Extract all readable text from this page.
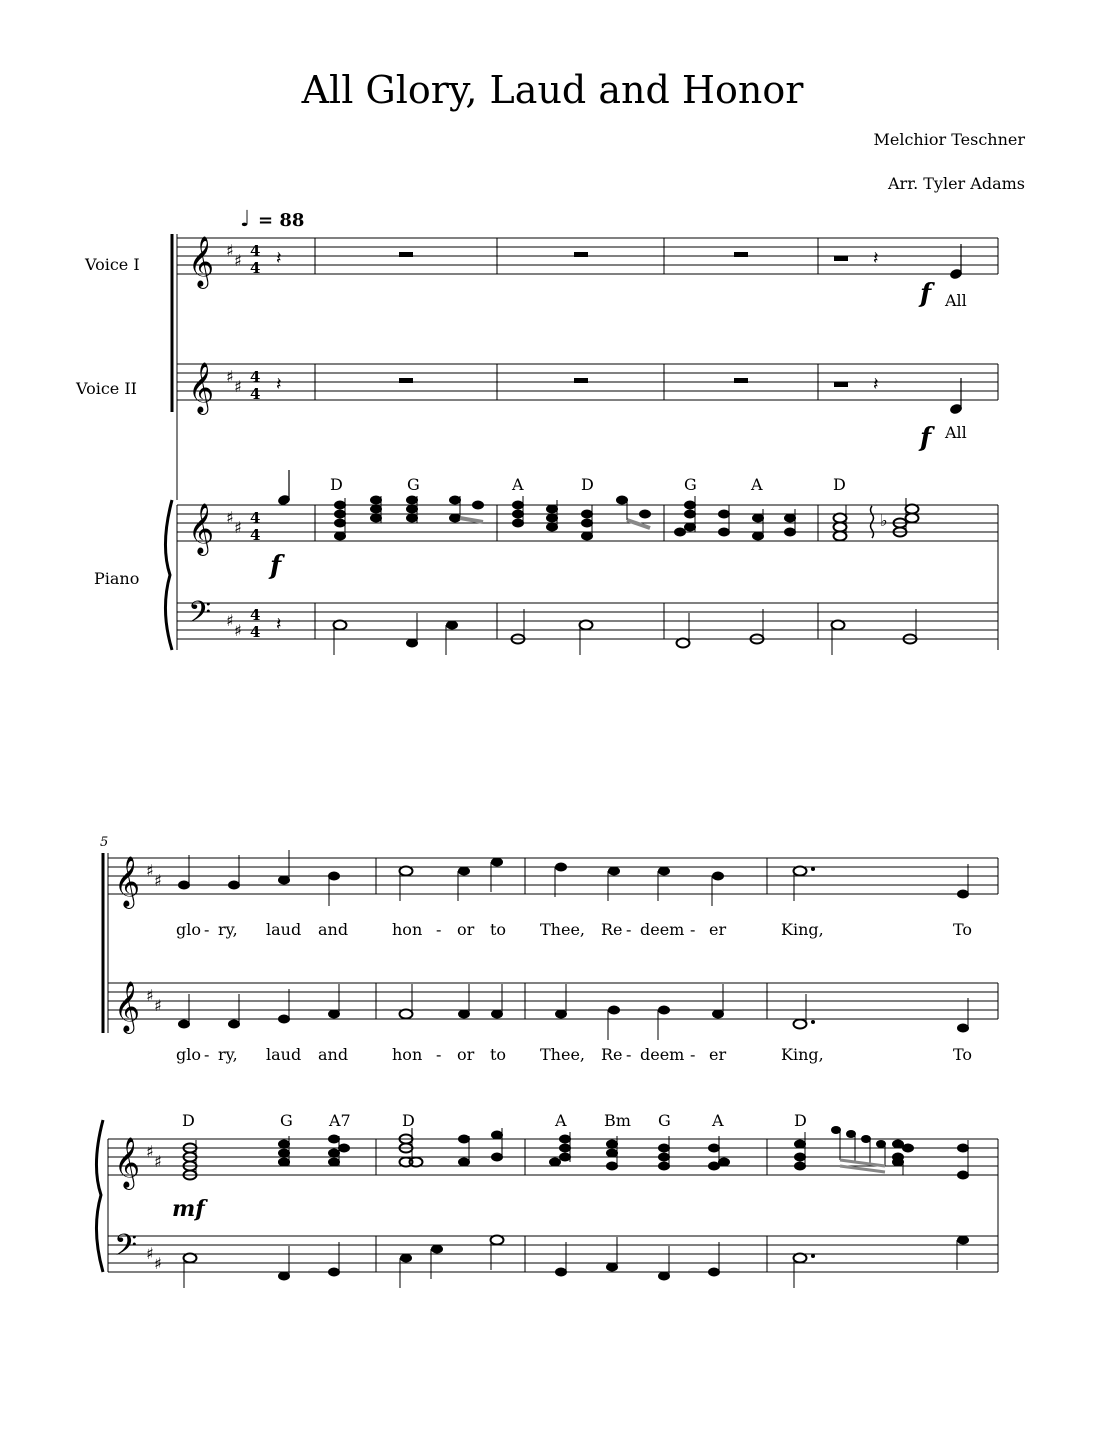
All Glory, Laud and Honor
Melchior Teschner
Arr. Tyler Adams
♩ = 88
Voice I
Voice II
Piano
𝄞 ♯
♯ 4
4 𝄽	𝄽
f All
𝄞 ♯
♯ 4
4 𝄽	𝄽
f All
D	G	A	D	G	A	D
𝄞 ♯
♯ 4
4
f
♭
𝄢 ♯
♯
4
4 𝄽
5
𝄞 ♯
♯
glo - ry, laud and	hon - or to Thee, Re - deem - er	King,	To
𝄞 ♯
♯
glo - ry, laud and	hon - or to Thee, Re - deem - er	King,	To
D	G A7	D	A Bm G	A	D
𝄞 ♯
♯
mf
𝄢 ♯
♯
